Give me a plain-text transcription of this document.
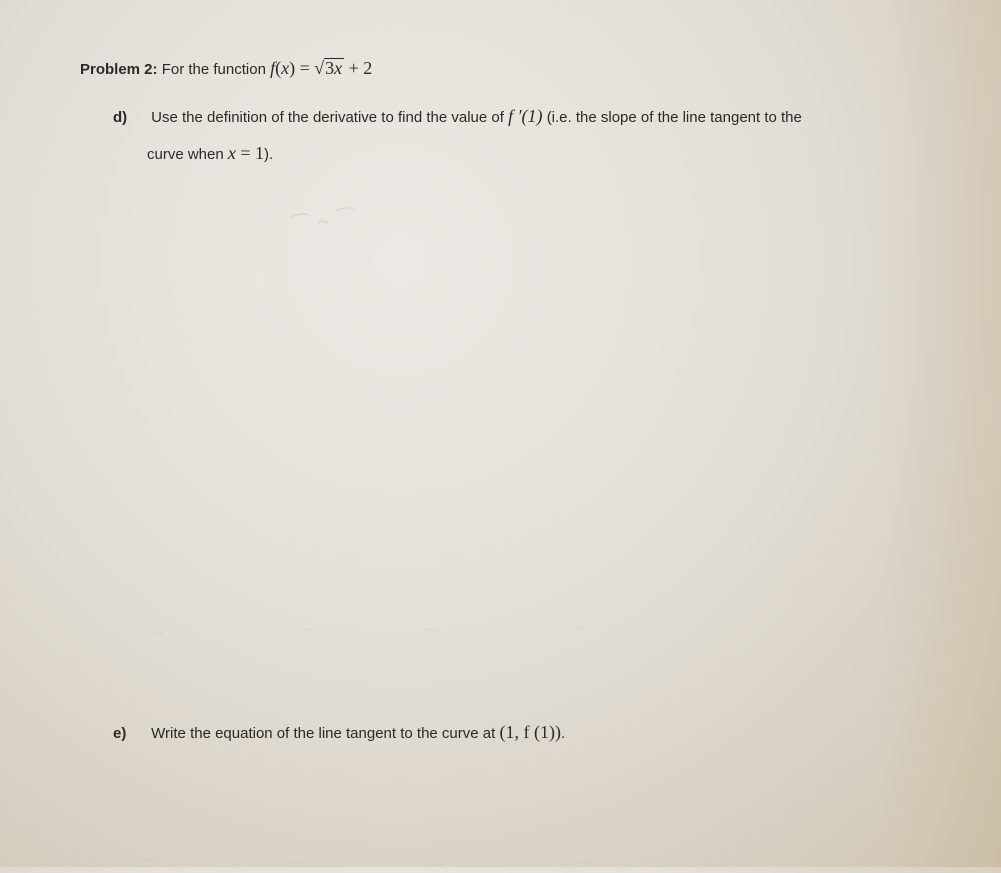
Problem 2: For the function f(x) = √3x + 2
d) Use the definition of the derivative to find the value of f ′(1) (i.e. the slope of the line tangent to the
curve when x = 1).
⌒ ~ ⌒
···	···	···	···
e) Write the equation of the line tangent to the curve at (1, f (1)).
···	···	···	···
